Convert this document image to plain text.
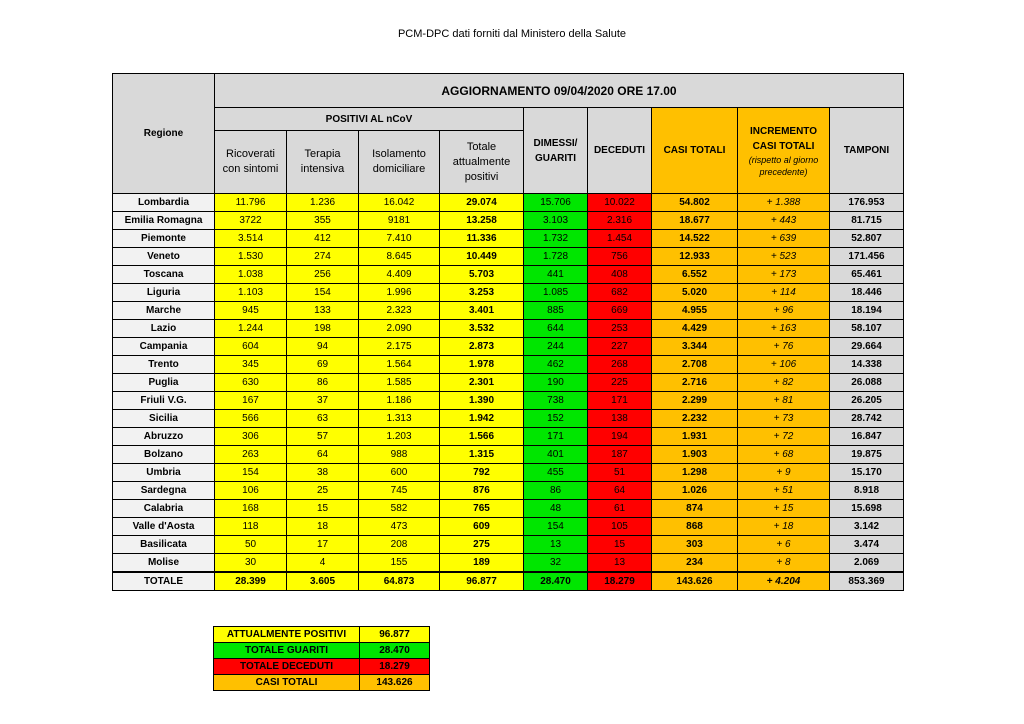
PCM-DPC dati forniti dal Ministero della Salute
Regione	AGGIORNAMENTO 09/04/2020 ORE 17.00								
	POSITIVI AL nCoV				DIMESSI/ GUARITI	DECEDUTI	CASI TOTALI	INCREMENTO CASI TOTALI
(rispetto al giorno precedente)	TAMPONI
	Ricoverati con sintomi	Terapia intensiva	Isolamento domiciliare	Totale attualmente positivi					
Lombardia	11.796	1.236	16.042	29.074	15.706	10.022	54.802	+ 1.388	176.953
Emilia Romagna	3722	355	9181	13.258	3.103	2.316	18.677	+ 443	81.715
Piemonte	3.514	412	7.410	11.336	1.732	1.454	14.522	+ 639	52.807
Veneto	1.530	274	8.645	10.449	1.728	756	12.933	+ 523	171.456
Toscana	1.038	256	4.409	5.703	441	408	6.552	+ 173	65.461
Liguria	1.103	154	1.996	3.253	1.085	682	5.020	+ 114	18.446
Marche	945	133	2.323	3.401	885	669	4.955	+ 96	18.194
Lazio	1.244	198	2.090	3.532	644	253	4.429	+ 163	58.107
Campania	604	94	2.175	2.873	244	227	3.344	+ 76	29.664
Trento	345	69	1.564	1.978	462	268	2.708	+ 106	14.338
Puglia	630	86	1.585	2.301	190	225	2.716	+ 82	26.088
Friuli V.G.	167	37	1.186	1.390	738	171	2.299	+ 81	26.205
Sicilia	566	63	1.313	1.942	152	138	2.232	+ 73	28.742
Abruzzo	306	57	1.203	1.566	171	194	1.931	+ 72	16.847
Bolzano	263	64	988	1.315	401	187	1.903	+ 68	19.875
Umbria	154	38	600	792	455	51	1.298	+ 9	15.170
Sardegna	106	25	745	876	86	64	1.026	+ 51	8.918
Calabria	168	15	582	765	48	61	874	+ 15	15.698
Valle d'Aosta	118	18	473	609	154	105	868	+ 18	3.142
Basilicata	50	17	208	275	13	15	303	+ 6	3.474
Molise	30	4	155	189	32	13	234	+ 8	2.069
TOTALE	28.399	3.605	64.873	96.877	28.470	18.279	143.626	+ 4.204	853.369
ATTUALMENTE POSITIVI	96.877
TOTALE GUARITI	28.470
TOTALE DECEDUTI	18.279
CASI TOTALI	143.626
